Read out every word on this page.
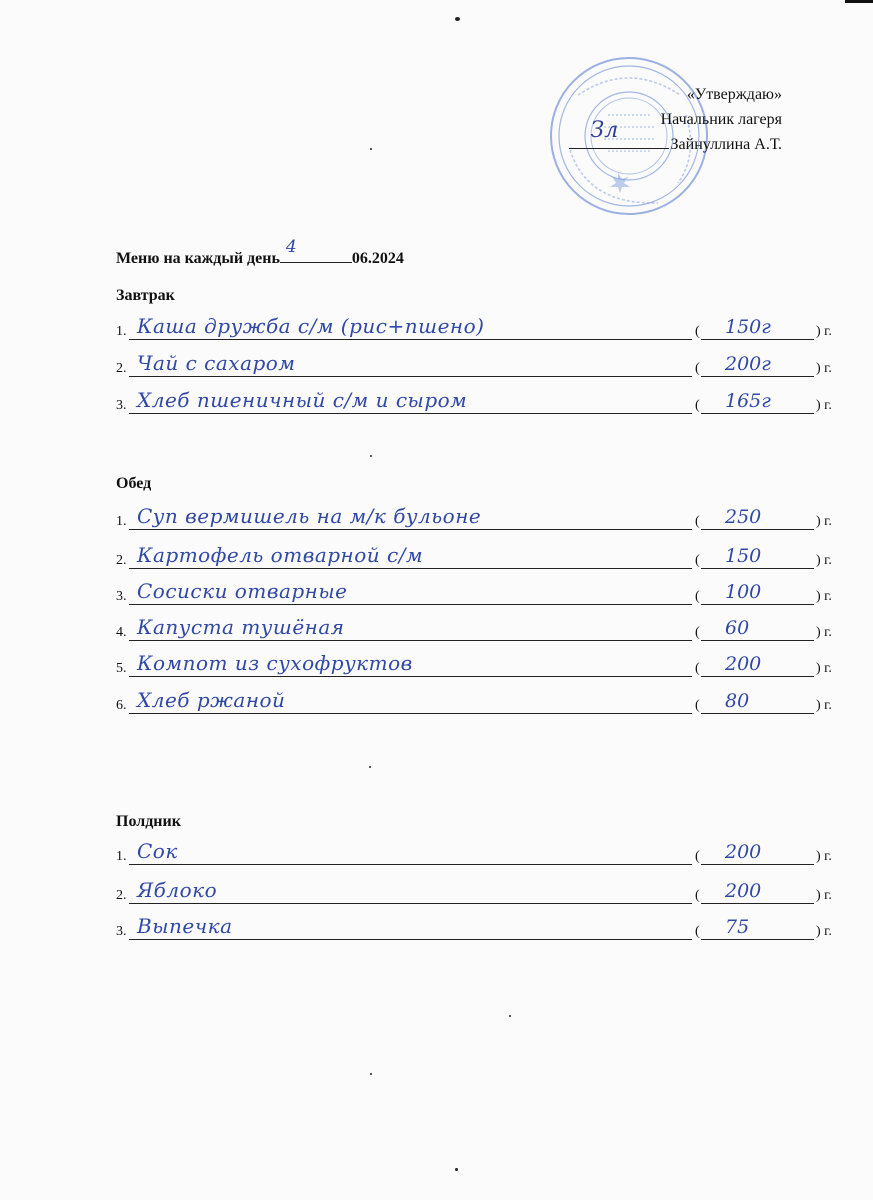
«Утверждаю»
Начальник лагеря
Зл
Зайнуллина А.Т.
Меню на каждый день
4
06.2024
Завтрак
1. Каша дружба с/м (рис+пшено)	( 150г	) г.
2. Чай с сахаром	( 200г	) г.
3. Хлеб пшеничный с/м и сыром	( 165г	) г.
Обед
1. Суп вермишель на м/к бульоне	( 250	) г.
2. Картофель отварной с/м	( 150	) г.
3. Сосиски отварные	( 100	) г.
4. Капуста тушёная	( 60	) г.
5. Компот из сухофруктов	( 200	) г.
6. Хлеб ржаной	( 80	) г.
Полдник
1. Сок	( 200	) г.
2. Яблоко	( 200	) г.
3. Выпечка	( 75	) г.
